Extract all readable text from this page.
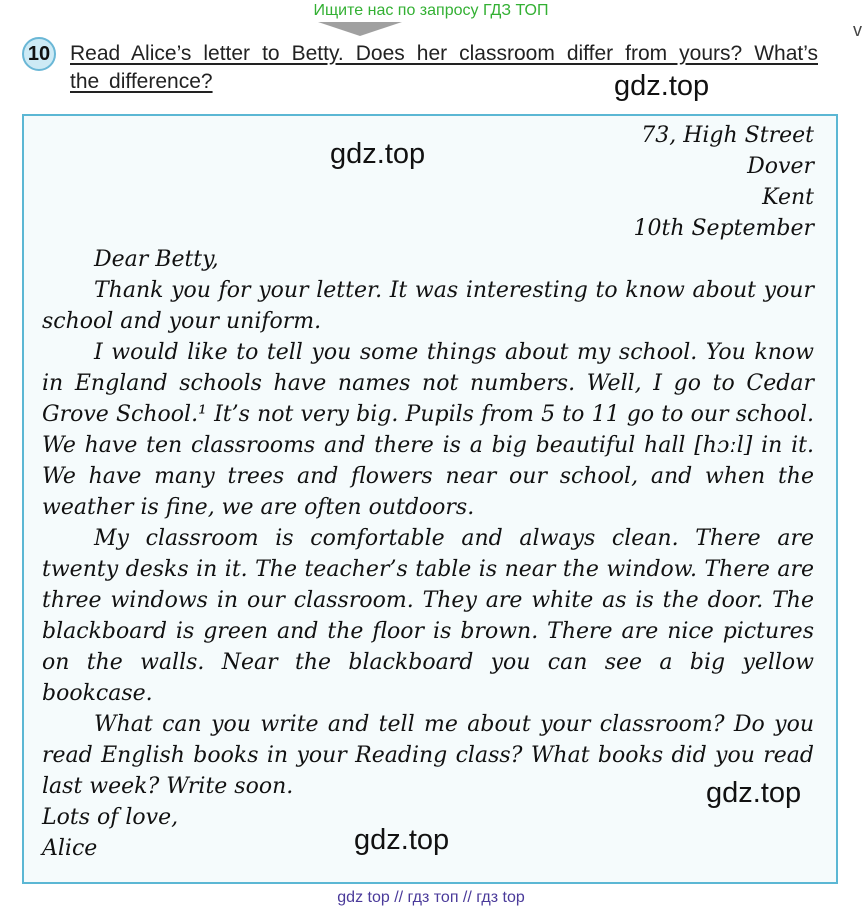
Ищите нас по запросу ГДЗ ТОП
v
10 Read Alice’s letter to Betty. Does her classroom differ from yours? What’s the difference?	gdz.top
gdz.top
gdz.top
gdz.top
73, High Street
Dover
Kent
10th September
Dear Betty,

Thank you for your letter. It was interesting to know about your school and your uniform.

I would like to tell you some things about my school. You know in England schools have names not numbers. Well, I go to Cedar Grove School.¹ It’s not very big. Pupils from 5 to 11 go to our school. We have ten classrooms and there is a big beautiful hall [hɔːl] in it. We have many trees and flowers near our school, and when the weather is fine, we are often outdoors.

My classroom is comfortable and always clean. There are twenty desks in it. The teacher’s table is near the window. There are three windows in our classroom. They are white as is the door. The blackboard is green and the floor is brown. There are nice pictures on the walls. Near the blackboard you can see a big yellow bookcase.

What can you write and tell me about your classroom? Do you read English books in your Reading class? What books did you read last week? Write soon.

Lots of love,

Alice

gdz top // гдз топ // гдз top
